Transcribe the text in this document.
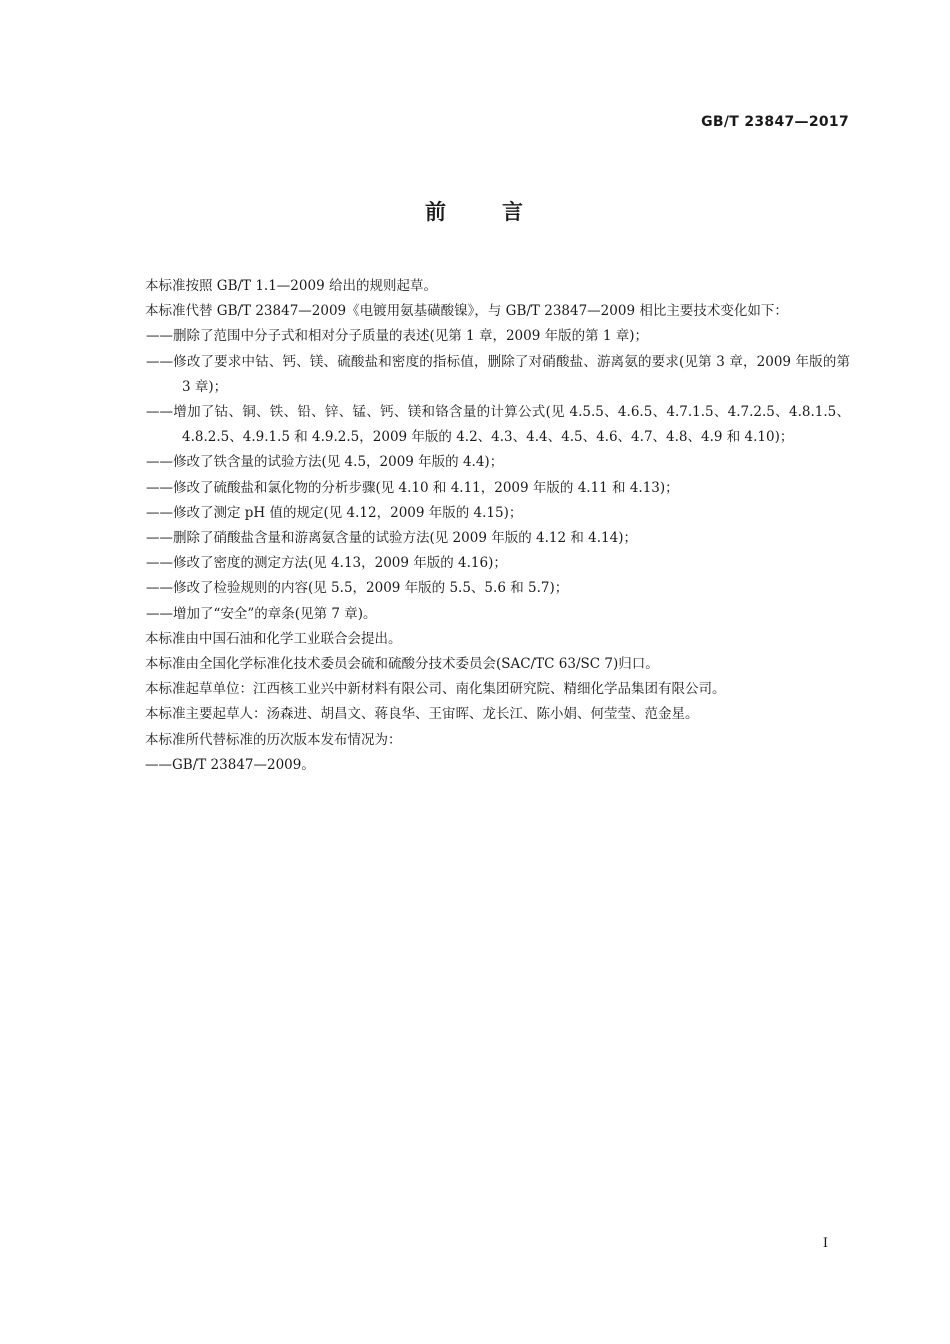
GB/T 23847—2017
前	言

本标准按照 GB/T 1.1—2009 给出的规则起草。

本标准代替 GB/T 23847—2009《电镀用氨基磺酸镍》，与 GB/T 23847—2009 相比主要技术变化如下：

——删除了范围中分子式和相对分子质量的表述(见第 1 章，2009 年版的第 1 章)；

——修改了要求中钴、钙、镁、硫酸盐和密度的指标值，删除了对硝酸盐、游离氨的要求(见第 3 章，2009 年版的第 3 章)；

——增加了钴、铜、铁、铅、锌、锰、钙、镁和铬含量的计算公式(见 4.5.5、4.6.5、4.7.1.5、4.7.2.5、4.8.1.5、4.8.2.5、4.9.1.5 和 4.9.2.5，2009 年版的 4.2、4.3、4.4、4.5、4.6、4.7、4.8、4.9 和 4.10)；

——修改了铁含量的试验方法(见 4.5，2009 年版的 4.4)；

——修改了硫酸盐和氯化物的分析步骤(见 4.10 和 4.11，2009 年版的 4.11 和 4.13)；

——修改了测定 pH 值的规定(见 4.12，2009 年版的 4.15)；

——删除了硝酸盐含量和游离氨含量的试验方法(见 2009 年版的 4.12 和 4.14)；

——修改了密度的测定方法(见 4.13，2009 年版的 4.16)；

——修改了检验规则的内容(见 5.5，2009 年版的 5.5、5.6 和 5.7)；

——增加了“安全”的章条(见第 7 章)。

本标准由中国石油和化学工业联合会提出。

本标准由全国化学标准化技术委员会硫和硫酸分技术委员会(SAC/TC 63/SC 7)归口。

本标准起草单位：江西核工业兴中新材料有限公司、南化集团研究院、精细化学品集团有限公司。

本标准主要起草人：汤森进、胡昌文、蒋良华、王宙晖、龙长江、陈小娟、何莹莹、范金星。

本标准所代替标准的历次版本发布情况为：

——GB/T 23847—2009。

I
